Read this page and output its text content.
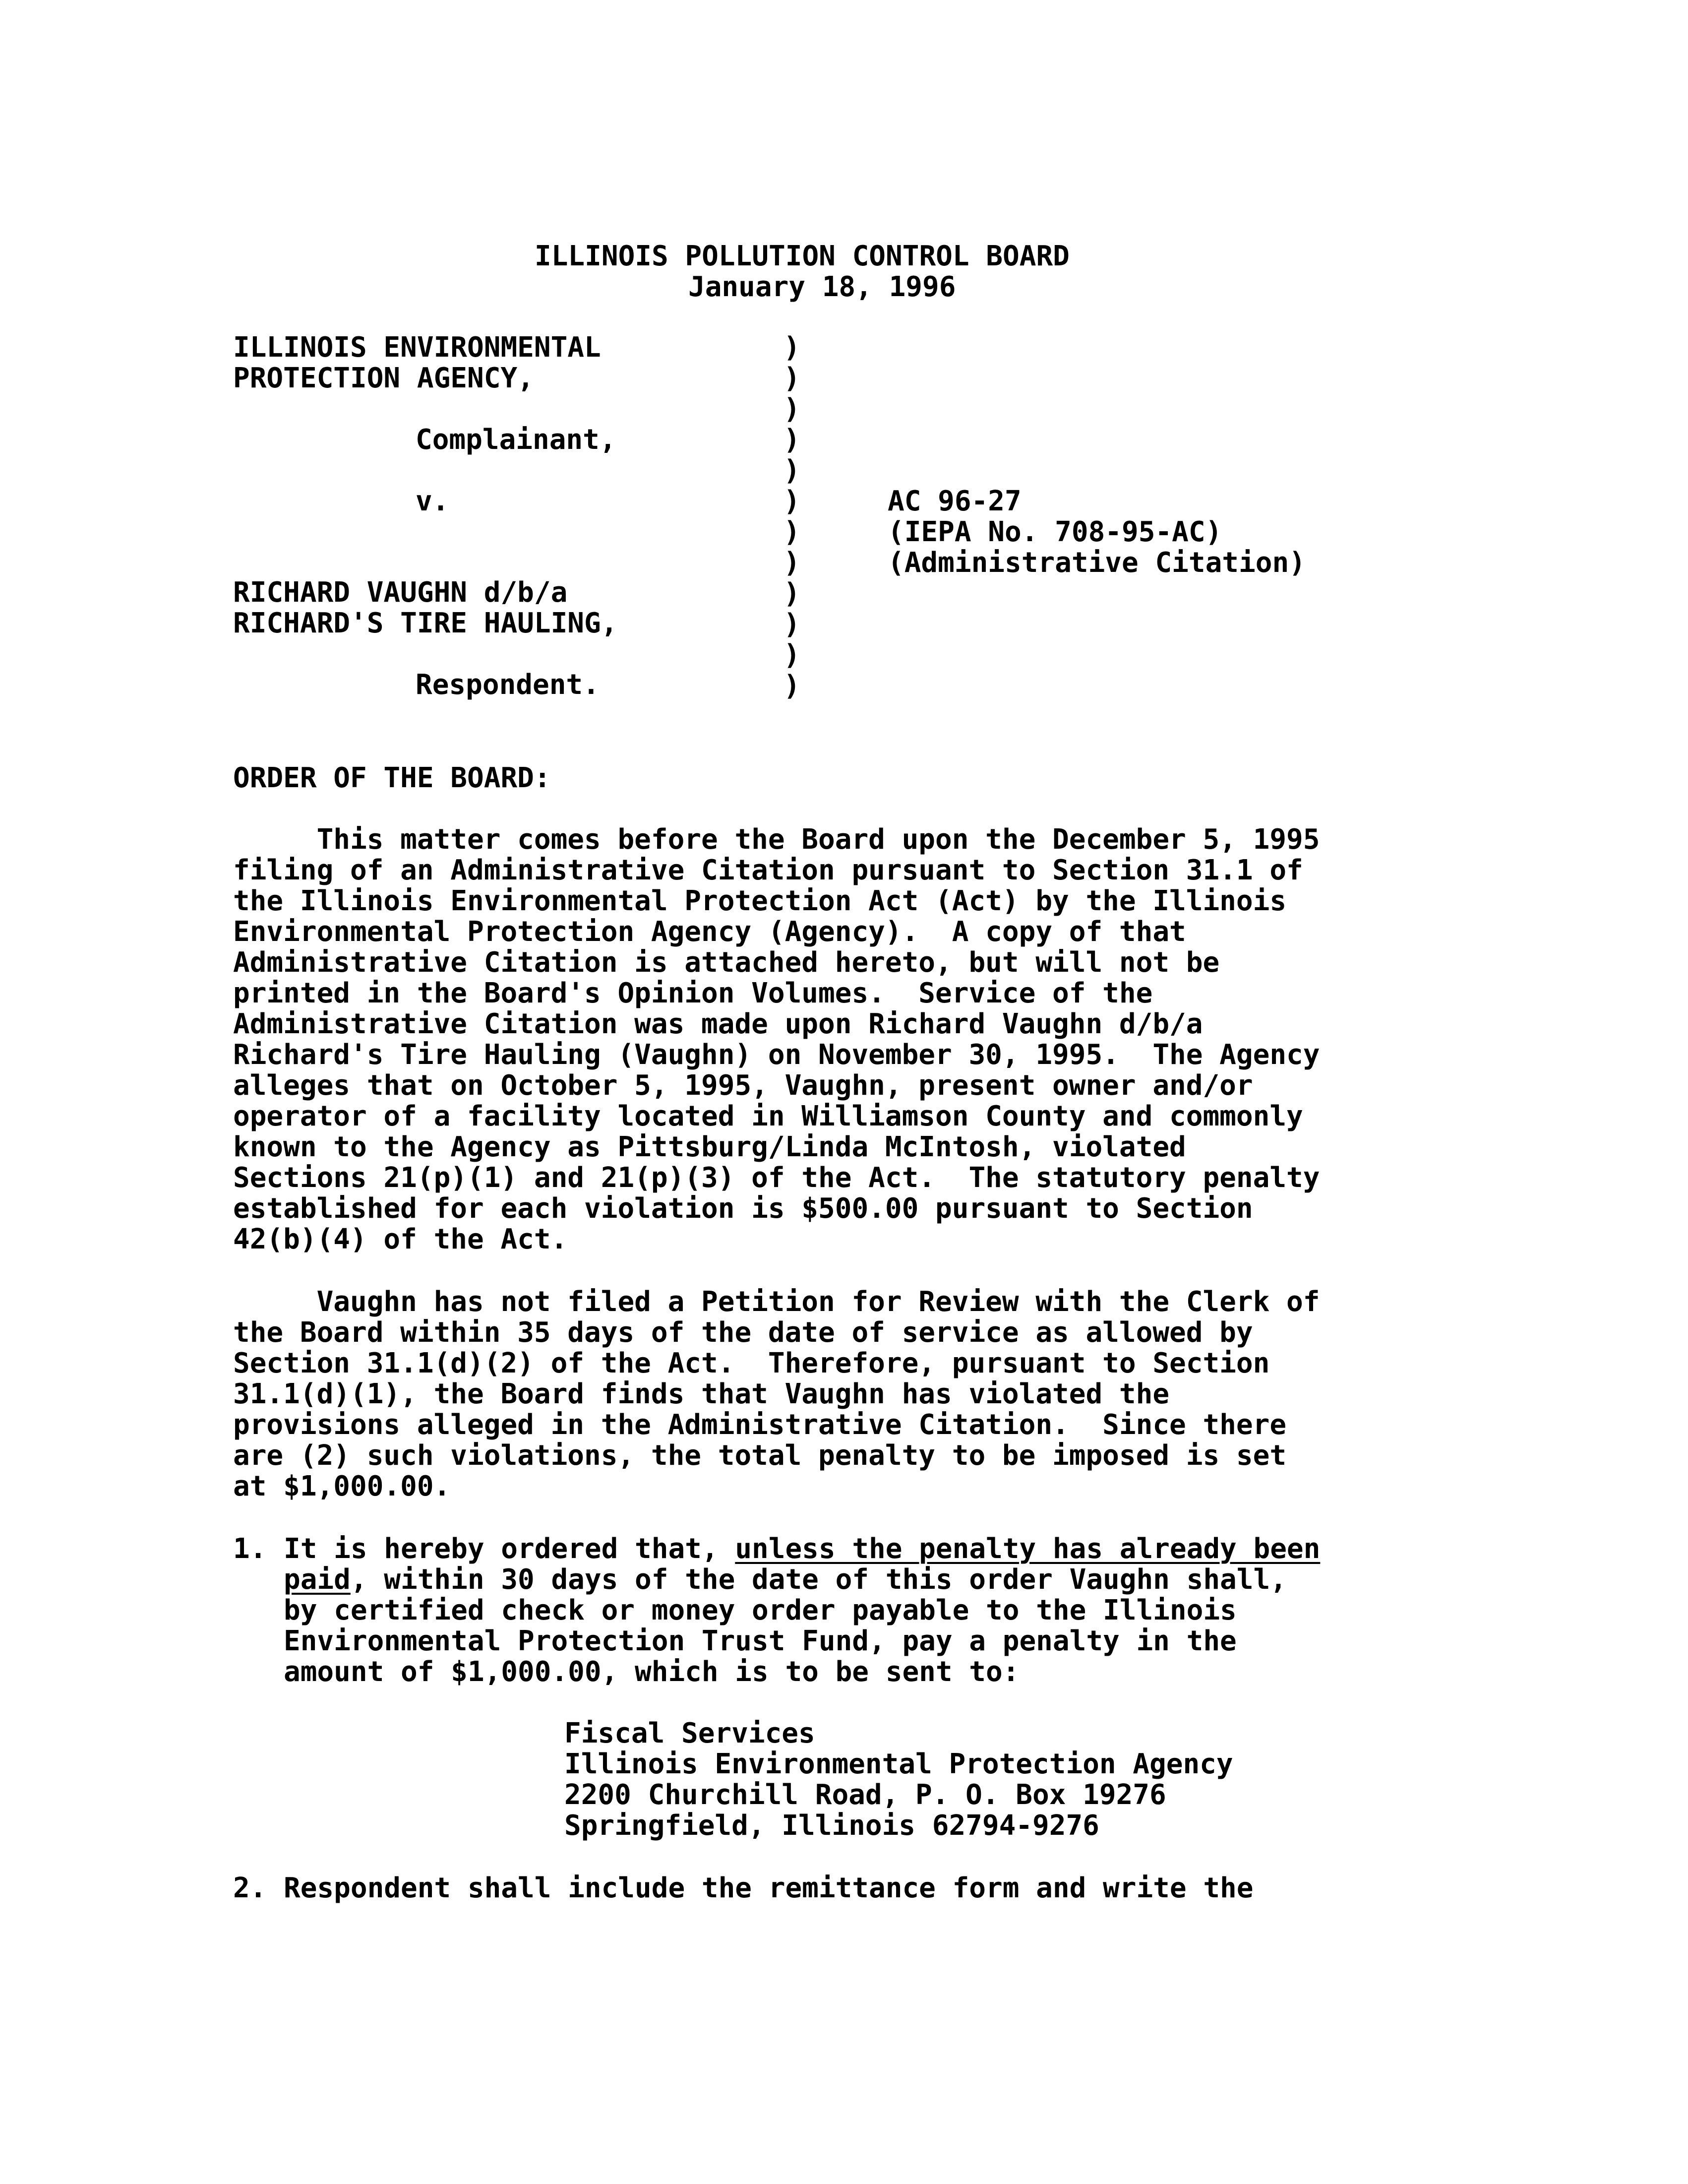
ILLINOIS POLLUTION CONTROL BOARD
January 18, 1996
ILLINOIS ENVIRONMENTAL
PROTECTION AGENCY,
Complainant,
v.
RICHARD VAUGHN d/b/a
RICHARD'S TIRE HAULING,
Respondent.
)
)
)
)
)
)
)
)
)
)
)
)
AC 96-27
(IEPA No. 708-95-AC)
(Administrative Citation)
ORDER OF THE BOARD:
This matter comes before the Board upon the December 5, 1995
filing of an Administrative Citation pursuant to Section 31.1 of
the Illinois Environmental Protection Act (Act) by the Illinois
Environmental Protection Agency (Agency).  A copy of that
Administrative Citation is attached hereto, but will not be
printed in the Board's Opinion Volumes.  Service of the
Administrative Citation was made upon Richard Vaughn d/b/a
Richard's Tire Hauling (Vaughn) on November 30, 1995.  The Agency
alleges that on October 5, 1995, Vaughn, present owner and/or
operator of a facility located in Williamson County and commonly
known to the Agency as Pittsburg/Linda McIntosh, violated
Sections 21(p)(1) and 21(p)(3) of the Act.  The statutory penalty
established for each violation is $500.00 pursuant to Section
42(b)(4) of the Act.
Vaughn has not filed a Petition for Review with the Clerk of
the Board within 35 days of the date of service as allowed by
Section 31.1(d)(2) of the Act.  Therefore, pursuant to Section
31.1(d)(1), the Board finds that Vaughn has violated the
provisions alleged in the Administrative Citation.  Since there
are (2) such violations, the total penalty to be imposed is set
at $1,000.00.
1. It is hereby ordered that, unless the penalty has already been
paid, within 30 days of the date of this order Vaughn shall,
by certified check or money order payable to the Illinois
Environmental Protection Trust Fund, pay a penalty in the
amount of $1,000.00, which is to be sent to:
Fiscal Services
Illinois Environmental Protection Agency
2200 Churchill Road, P. O. Box 19276
Springfield, Illinois 62794-9276
2. Respondent shall include the remittance form and write the
